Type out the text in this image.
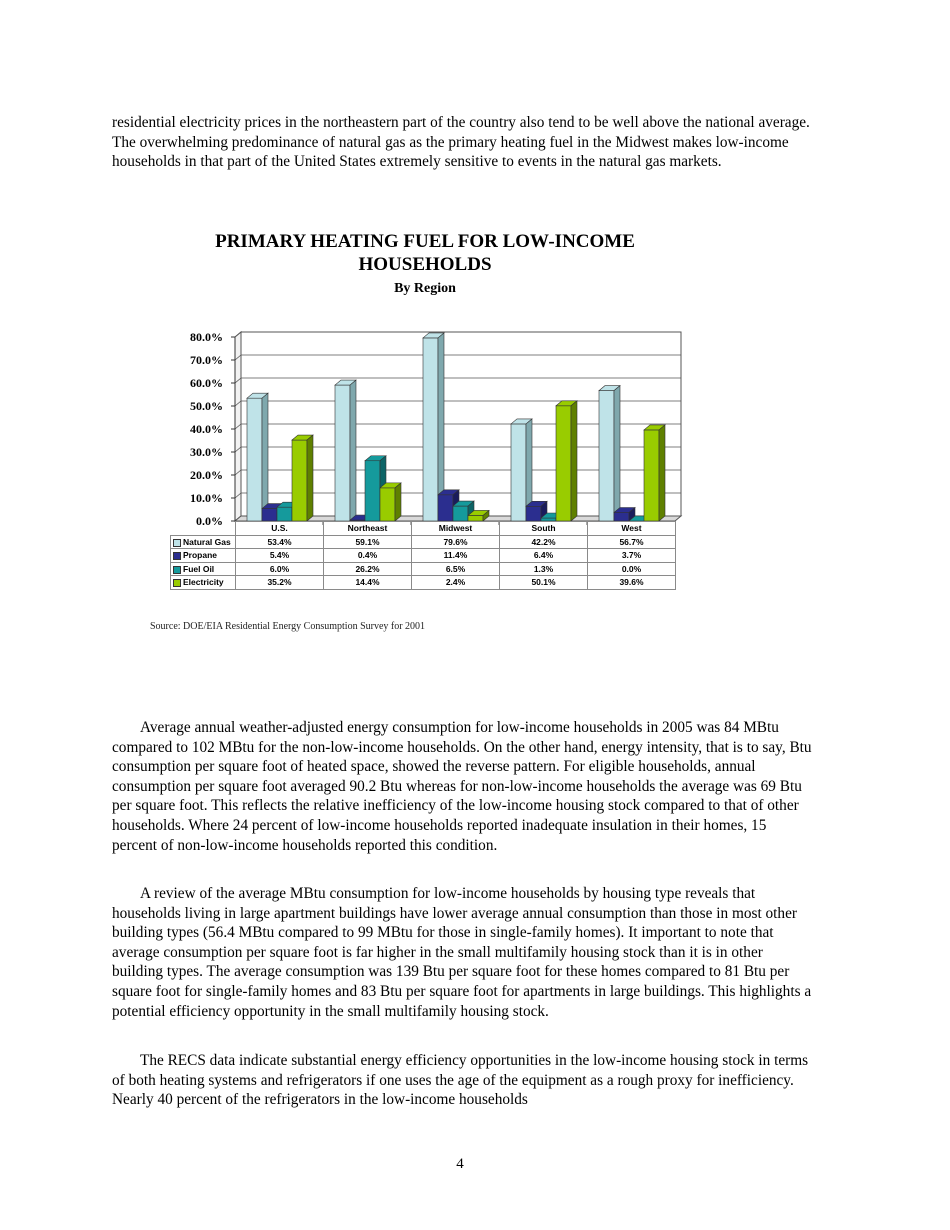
residential electricity prices in the northeastern part of the country also tend to be well above the national average. The overwhelming predominance of natural gas as the primary heating fuel in the Midwest makes low-income households in that part of the United States extremely sensitive to events in the natural gas markets.

PRIMARY HEATING FUEL FOR LOW-INCOME HOUSEHOLDS
By Region
80.0%
70.0%
60.0%
50.0%
40.0%
30.0%
20.0%
10.0%
0.0%
	U.S.	Northeast	Midwest	South	West
Natural Gas	53.4%	59.1%	79.6%	42.2%	56.7%
Propane	5.4%	0.4%	11.4%	6.4%	3.7%
Fuel Oil	6.0%	26.2%	6.5%	1.3%	0.0%
Electricity	35.2%	14.4%	2.4%	50.1%	39.6%
Source: DOE/EIA Residential Energy Consumption Survey for 2001

Average annual weather-adjusted energy consumption for low-income households in 2005 was 84 MBtu compared to 102 MBtu for the non-low-income households. On the other hand, energy intensity, that is to say, Btu consumption per square foot of heated space, showed the reverse pattern. For eligible households, annual consumption per square foot averaged 90.2 Btu whereas for non-low-income households the average was 69 Btu per square foot. This reflects the relative inefficiency of the low-income housing stock compared to that of other households. Where 24 percent of low-income households reported inadequate insulation in their homes, 15 percent of non-low-income households reported this condition.

A review of the average MBtu consumption for low-income households by housing type reveals that households living in large apartment buildings have lower average annual consumption than those in most other building types (56.4 MBtu compared to 99 MBtu for those in single-family homes). It important to note that average consumption per square foot is far higher in the small multifamily housing stock than it is in other building types. The average consumption was 139 Btu per square foot for these homes compared to 81 Btu per square foot for single-family homes and 83 Btu per square foot for apartments in large buildings. This highlights a potential efficiency opportunity in the small multifamily housing stock.

The RECS data indicate substantial energy efficiency opportunities in the low-income housing stock in terms of both heating systems and refrigerators if one uses the age of the equipment as a rough proxy for inefficiency. Nearly 40 percent of the refrigerators in the low-income households

4
